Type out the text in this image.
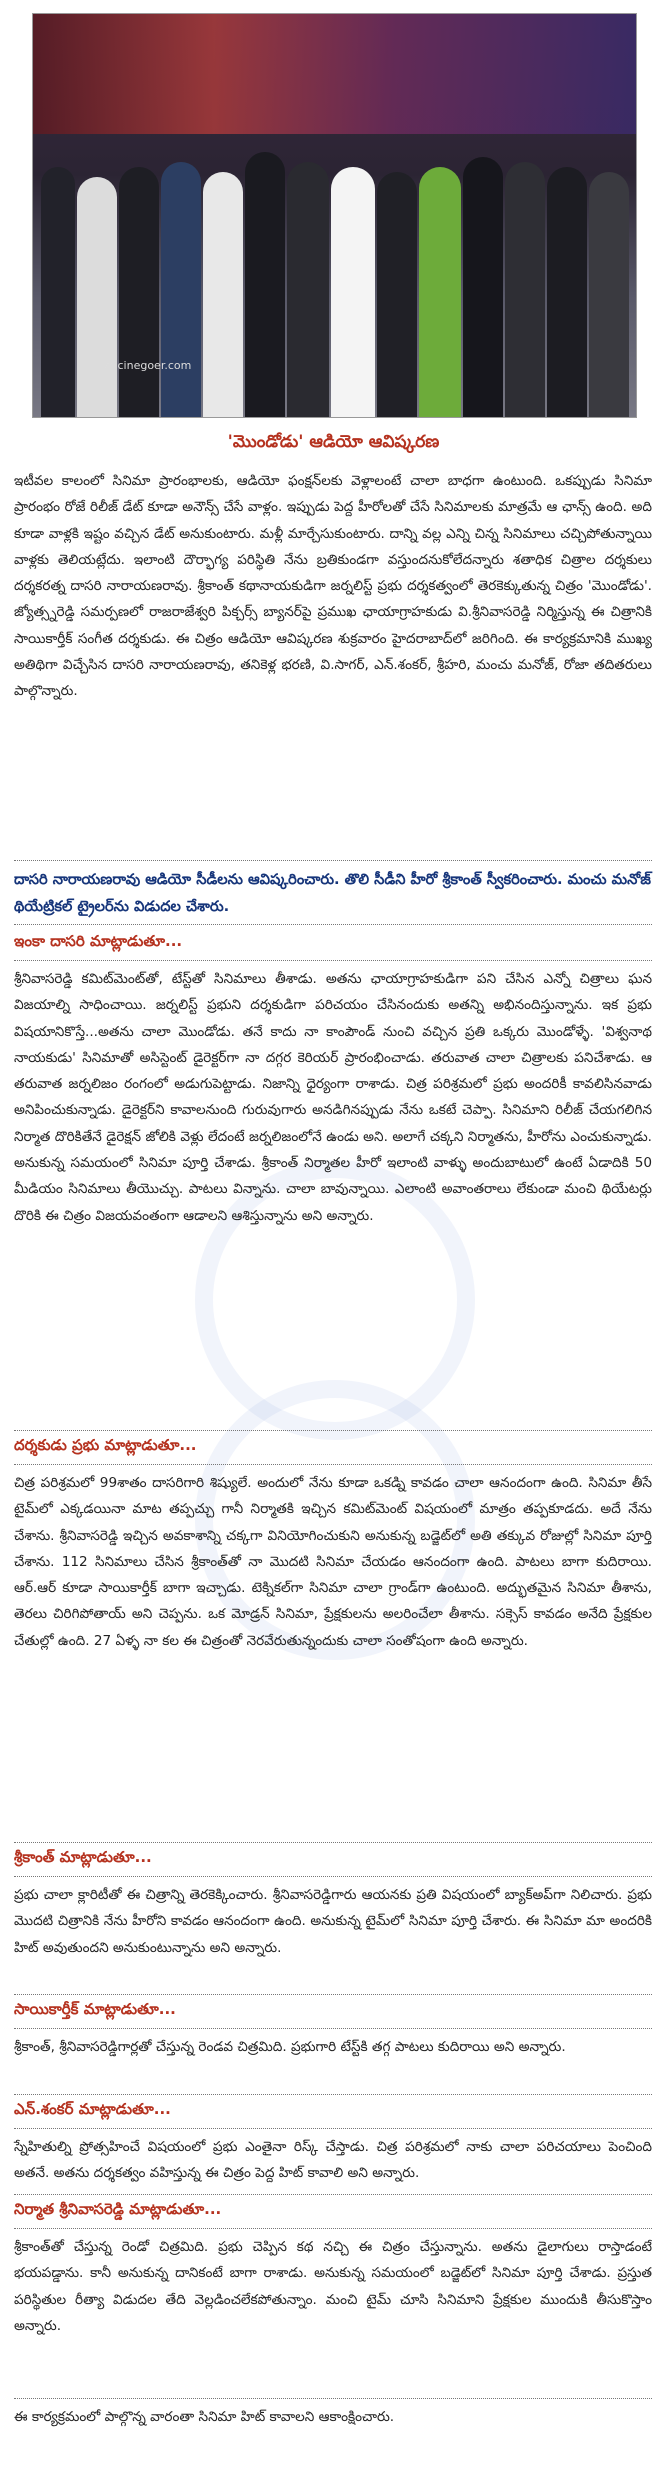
© cinegoer.com
'మొండోడు' ఆడియో ఆవిష్కరణ
ఇటీవల కాలంలో సినిమా ప్రారంభాలకు, ఆడియో ఫంక్షన్‌లకు వెళ్లాలంటే చాలా బాధగా ఉంటుంది. ఒకప్పుడు సినిమా ప్రారంభం రోజే రిలీజ్ డేట్ కూడా అనౌన్స్ చేసే వాళ్లం. ఇప్పుడు పెద్ద హీరోలతో చేసే సినిమాలకు మాత్రమే ఆ ఛాన్స్ ఉంది. అది కూడా వాళ్లకి ఇష్టం వచ్చిన డేట్ అనుకుంటారు. మళ్లీ మార్చేసుకుంటారు. దాన్ని వల్ల ఎన్ని చిన్న సినిమాలు చచ్చిపోతున్నాయి వాళ్లకు తెలియట్లేదు. ఇలాంటి దౌర్భాగ్య పరిస్థితి నేను బ్రతికుండగా వస్తుందనుకోలేదన్నారు శతాధిక చిత్రాల దర్శకులు దర్శకరత్న దాసరి నారాయణరావు. శ్రీకాంత్ కథానాయకుడిగా జర్నలిస్ట్ ప్రభు దర్శకత్వంలో తెరకెక్కుతున్న చిత్రం 'మొండోడు'. జ్యోత్స్నరెడ్డి సమర్పణలో రాజరాజేశ్వరి పిక్చర్స్ బ్యానర్‌పై ప్రముఖ ఛాయాగ్రాహకుడు వి.శ్రీనివాసరెడ్డి నిర్మిస్తున్న ఈ చిత్రానికి సాయికార్తీక్ సంగీత దర్శకుడు. ఈ చిత్రం ఆడియో ఆవిష్కరణ శుక్రవారం హైదరాబాద్‌లో జరిగింది. ఈ కార్యక్రమానికి ముఖ్య అతిథిగా విచ్చేసిన దాసరి నారాయణరావు, తనికెళ్ల భరణి, వి.సాగర్, ఎన్.శంకర్, శ్రీహరి, మంచు మనోజ్, రోజా తదితరులు పాల్గొన్నారు.
దాసరి నారాయణరావు ఆడియో సీడీలను ఆవిష్కరించారు. తొలి సీడీని హీరో శ్రీకాంత్ స్వీకరించారు. మంచు మనోజ్ థియేట్రికల్ ట్రైలర్‌ను విడుదల చేశారు.
ఇంకా దాసరి మాట్లాడుతూ...
శ్రీనివాసరెడ్డి కమిట్‌మెంట్‌తో, టేస్ట్‌తో సినిమాలు తీశాడు. అతను ఛాయాగ్రాహకుడిగా పని చేసిన ఎన్నో చిత్రాలు ఘన విజయాల్ని సాధించాయి. జర్నలిస్ట్ ప్రభుని దర్శకుడిగా పరిచయం చేసినందుకు అతన్ని అభినందిస్తున్నాను. ఇక ప్రభు విషయానికొస్తే...అతను చాలా మొండోడు. తనే కాదు నా కాంపౌండ్ నుంచి వచ్చిన ప్రతి ఒక్కరు మొండోళ్ళే. 'విశ్వనాథ నాయకుడు' సినిమాతో అసిస్టెంట్ డైరెక్టర్‌గా నా దగ్గర కెరియర్ ప్రారంభించాడు. తరువాత చాలా చిత్రాలకు పనిచేశాడు. ఆ తరువాత జర్నలిజం రంగంలో అడుగుపెట్టాడు. నిజాన్ని ధైర్యంగా రాశాడు. చిత్ర పరిశ్రమలో ప్రభు అందరికీ కావలిసినవాడు అనిపించుకున్నాడు. డైరెక్టర్‌ని కావాలనుంది గురువుగారు అనడిగినప్పుడు నేను ఒకటే చెప్పా. సినిమాని రిలీజ్ చేయగలిగిన నిర్మాత దొరికితేనే డైరెక్షన్ జోలికి వెళ్లు లేదంటే జర్నలిజంలోనే ఉండు అని. అలాగే చక్కని నిర్మాతను, హీరోను ఎంచుకున్నాడు. అనుకున్న సమయంలో సినిమా పూర్తి చేశాడు. శ్రీకాంత్ నిర్మాతల హీరో ఇలాంటి వాళ్ళు అందుబాటులో ఉంటే ఏడాదికి 50 మీడియం సినిమాలు తీయొచ్చు. పాటలు విన్నాను. చాలా బావున్నాయి. ఎలాంటి అవాంతరాలు లేకుండా మంచి థియేటర్లు దొరికి ఈ చిత్రం విజయవంతంగా ఆడాలని ఆశిస్తున్నాను అని అన్నారు.
దర్శకుడు ప్రభు మాట్లాడుతూ...
చిత్ర పరిశ్రమలో 99శాతం దాసరిగారి శిష్యులే. అందులో నేను కూడా ఒకడ్ని కావడం చాలా ఆనందంగా ఉంది. సినిమా తీసే టైమ్‌లో ఎక్కడయినా మాట తప్పచ్చు గానీ నిర్మాతకి ఇచ్చిన కమిట్‌మెంట్ విషయంలో మాత్రం తప్పకూడదు. అదే నేను చేశాను. శ్రీనివాసరెడ్డి ఇచ్చిన అవకాశాన్ని చక్కగా వినియోగించుకుని అనుకున్న బడ్జెట్‌లో అతి తక్కువ రోజుల్లో సినిమా పూర్తి చేశాను. 112 సినిమాలు చేసిన శ్రీకాంత్‌తో నా మొదటి సినిమా చేయడం ఆనందంగా ఉంది. పాటలు బాగా కుదిరాయి. ఆర్.ఆర్ కూడా సాయికార్తీక్ బాగా ఇచ్చాడు. టెక్నికల్‌గా సినిమా చాలా గ్రాండ్‌గా ఉంటుంది. అద్భుతమైన సినిమా తీశాను, తెరలు చిరిగిపోతాయ్ అని చెప్పను. ఒక మోడ్రన్ సినిమా, ప్రేక్షకులను అలరించేలా తీశాను. సక్సెస్ కావడం అనేది ప్రేక్షకుల చేతుల్లో ఉంది. 27 ఏళ్ళ నా కల ఈ చిత్రంతో నెరవేరుతున్నందుకు చాలా సంతోషంగా ఉంది అన్నారు.
శ్రీకాంత్ మాట్లాడుతూ...
ప్రభు చాలా క్లారిటీతో ఈ చిత్రాన్ని తెరకెక్కించారు. శ్రీనివాసరెడ్డిగారు ఆయనకు ప్రతి విషయంలో బ్యాక్అప్‌గా నిలిచారు. ప్రభు మొదటి చిత్రానికి నేను హీరోని కావడం ఆనందంగా ఉంది. అనుకున్న టైమ్‌లో సినిమా పూర్తి చేశారు. ఈ సినిమా మా అందరికి హిట్ అవుతుందని అనుకుంటున్నాను అని అన్నారు.
సాయికార్తీక్ మాట్లాడుతూ...
శ్రీకాంత్, శ్రీనివాసరెడ్డిగార్లతో చేస్తున్న రెండవ చిత్రమిది. ప్రభుగారి టేస్ట్‌కి తగ్గ పాటలు కుదిరాయి అని అన్నారు.
ఎన్.శంకర్ మాట్లాడుతూ...
స్నేహితుల్ని ప్రోత్సహించే విషయంలో ప్రభు ఎంతైనా రిస్క్ చేస్తాడు. చిత్ర పరిశ్రమలో నాకు చాలా పరిచయాలు పెంచింది అతనే. అతను దర్శకత్వం వహిస్తున్న ఈ చిత్రం పెద్ద హిట్ కావాలి అని అన్నారు.
నిర్మాత శ్రీనివాసరెడ్డి మాట్లాడుతూ...
శ్రీకాంత్‌తో చేస్తున్న రెండో చిత్రమిది. ప్రభు చెప్పిన కథ నచ్చి ఈ చిత్రం చేస్తున్నాను. అతను డైలాగులు రాస్తాడంటే భయపడ్డాను. కానీ అనుకున్న దానికంటే బాగా రాశాడు. అనుకున్న సమయంలో బడ్జెట్‌లో సినిమా పూర్తి చేశాడు. ప్రస్తుత పరిస్థితుల రీత్యా విడుదల తేది వెల్లడించలేకపోతున్నాం. మంచి టైమ్ చూసి సినిమాని ప్రేక్షకుల ముందుకి తీసుకొస్తాం అన్నారు.
ఈ కార్యక్రమంలో పాల్గొన్న వారంతా సినిమా హిట్ కావాలని ఆకాంక్షించారు.
